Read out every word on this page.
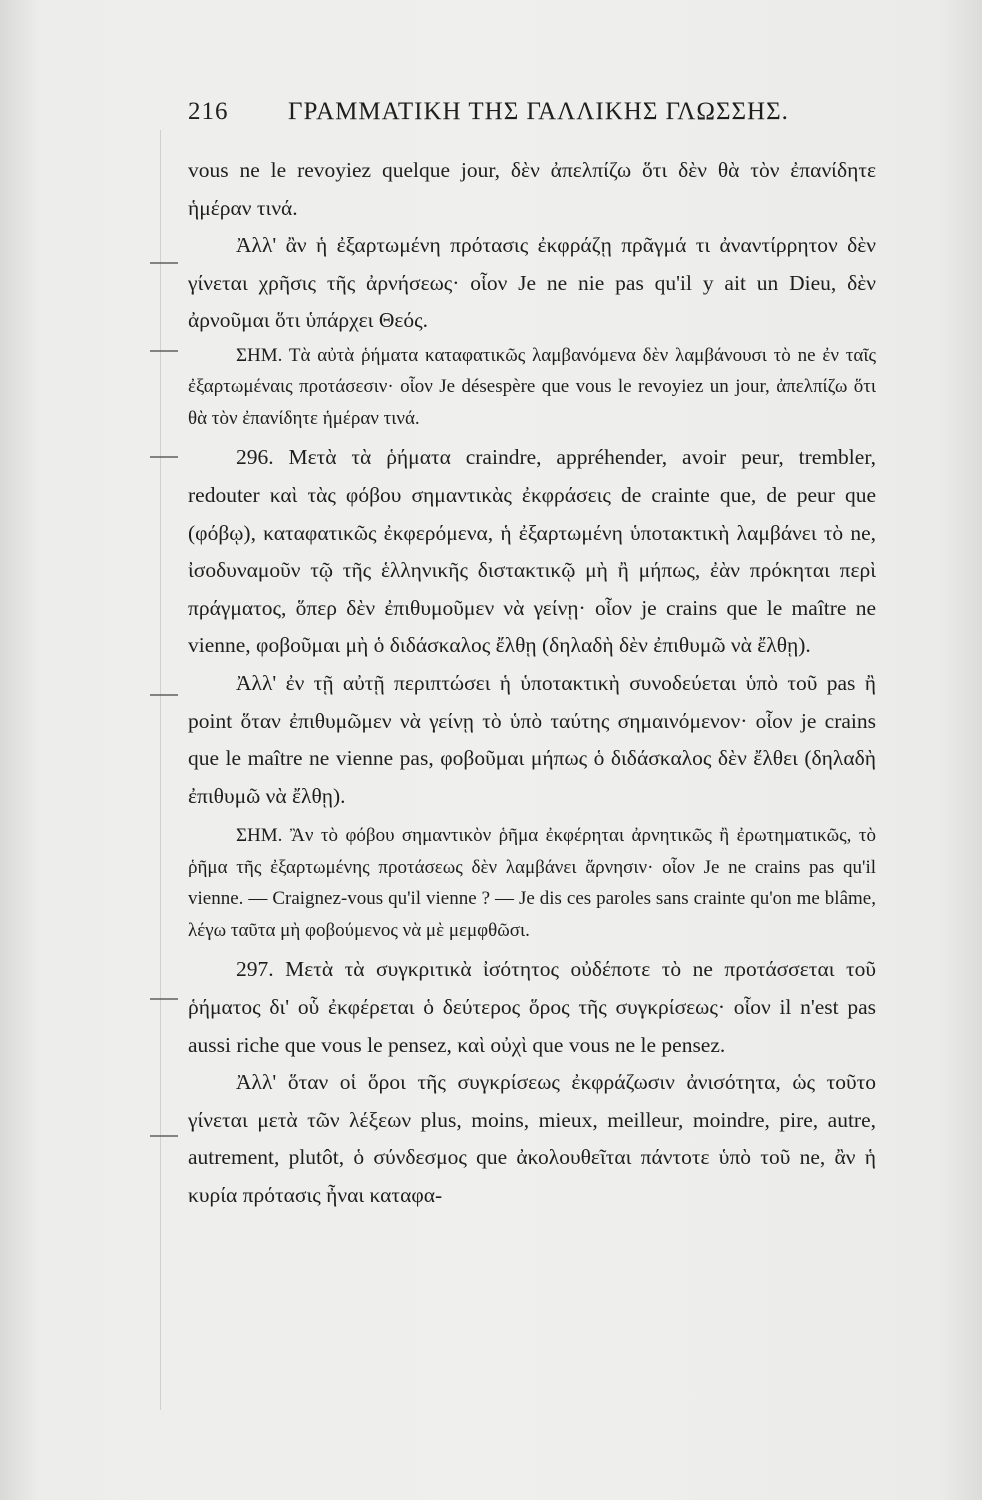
216 ΓΡΑΜΜΑΤΙΚΗ ΤΗΣ ΓΑΛΛΙΚΗΣ ΓΛΩΣΣΗΣ.

vous ne le revoyiez quelque jour, δὲν ἀπελπίζω ὅτι δὲν θὰ τὸν ἐπανίδητε ἡμέραν τινά.

Ἀλλ' ἂν ἡ ἐξαρτωμένη πρότασις ἐκφράζῃ πρᾶγμά τι ἀναντίρρητον δὲν γίνεται χρῆσις τῆς ἀρνήσεως· οἷον Je ne nie pas qu'il y ait un Dieu, δὲν ἀρνοῦμαι ὅτι ὑπάρχει Θεός.

ΣΗΜ. Τὰ αὐτὰ ῥήματα καταφατικῶς λαμβανόμενα δὲν λαμβάνουσι τὸ ne ἐν ταῖς ἐξαρτωμέναις προτάσεσιν· οἷον Je désespère que vous le revoyiez un jour, ἀπελπίζω ὅτι θὰ τὸν ἐπανίδητε ἡμέραν τινά.

296. Μετὰ τὰ ῥήματα craindre, appréhender, avoir peur, trembler, redouter καὶ τὰς φόβου σημαντικὰς ἐκφράσεις de crainte que, de peur que (φόβῳ), καταφατικῶς ἐκφερόμενα, ἡ ἐξαρτωμένη ὑποτακτικὴ λαμβάνει τὸ ne, ἰσοδυναμοῦν τῷ τῆς ἑλληνικῆς διστακτικῷ μὴ ἢ μήπως, ἐὰν πρόκηται περὶ πράγματος, ὅπερ δὲν ἐπιθυμοῦμεν νὰ γείνῃ· οἷον je crains que le maître ne vienne, φοβοῦμαι μὴ ὁ διδάσκαλος ἔλθῃ (δηλαδὴ δὲν ἐπιθυμῶ νὰ ἔλθῃ).

Ἀλλ' ἐν τῇ αὐτῇ περιπτώσει ἡ ὑποτακτικὴ συνοδεύεται ὑπὸ τοῦ pas ἢ point ὅταν ἐπιθυμῶμεν νὰ γείνῃ τὸ ὑπὸ ταύτης σημαινόμενον· οἷον je crains que le maître ne vienne pas, φοβοῦμαι μήπως ὁ διδάσκαλος δὲν ἔλθει (δηλαδὴ ἐπιθυμῶ νὰ ἔλθῃ).

ΣΗΜ. Ἂν τὸ φόβου σημαντικὸν ῥῆμα ἐκφέρηται ἀρνητικῶς ἢ ἐρωτηματικῶς, τὸ ῥῆμα τῆς ἐξαρτωμένης προτάσεως δὲν λαμβάνει ἄρνησιν· οἷον Je ne crains pas qu'il vienne. — Craignez-vous qu'il vienne ? — Je dis ces paroles sans crainte qu'on me blâme, λέγω ταῦτα μὴ φοβούμενος νὰ μὲ μεμφθῶσι.

297. Μετὰ τὰ συγκριτικὰ ἰσότητος οὐδέποτε τὸ ne προτάσσεται τοῦ ῥήματος δι' οὗ ἐκφέρεται ὁ δεύτερος ὅρος τῆς συγκρίσεως· οἷον il n'est pas aussi riche que vous le pensez, καὶ οὐχὶ que vous ne le pensez.

Ἀλλ' ὅταν οἱ ὅροι τῆς συγκρίσεως ἐκφράζωσιν ἀνισότητα, ὡς τοῦτο γίνεται μετὰ τῶν λέξεων plus, moins, mieux, meilleur, moindre, pire, autre, autrement, plutôt, ὁ σύνδεσμος que ἀκολουθεῖται πάντοτε ὑπὸ τοῦ ne, ἂν ἡ κυρία πρότασις ἦναι καταφα-
